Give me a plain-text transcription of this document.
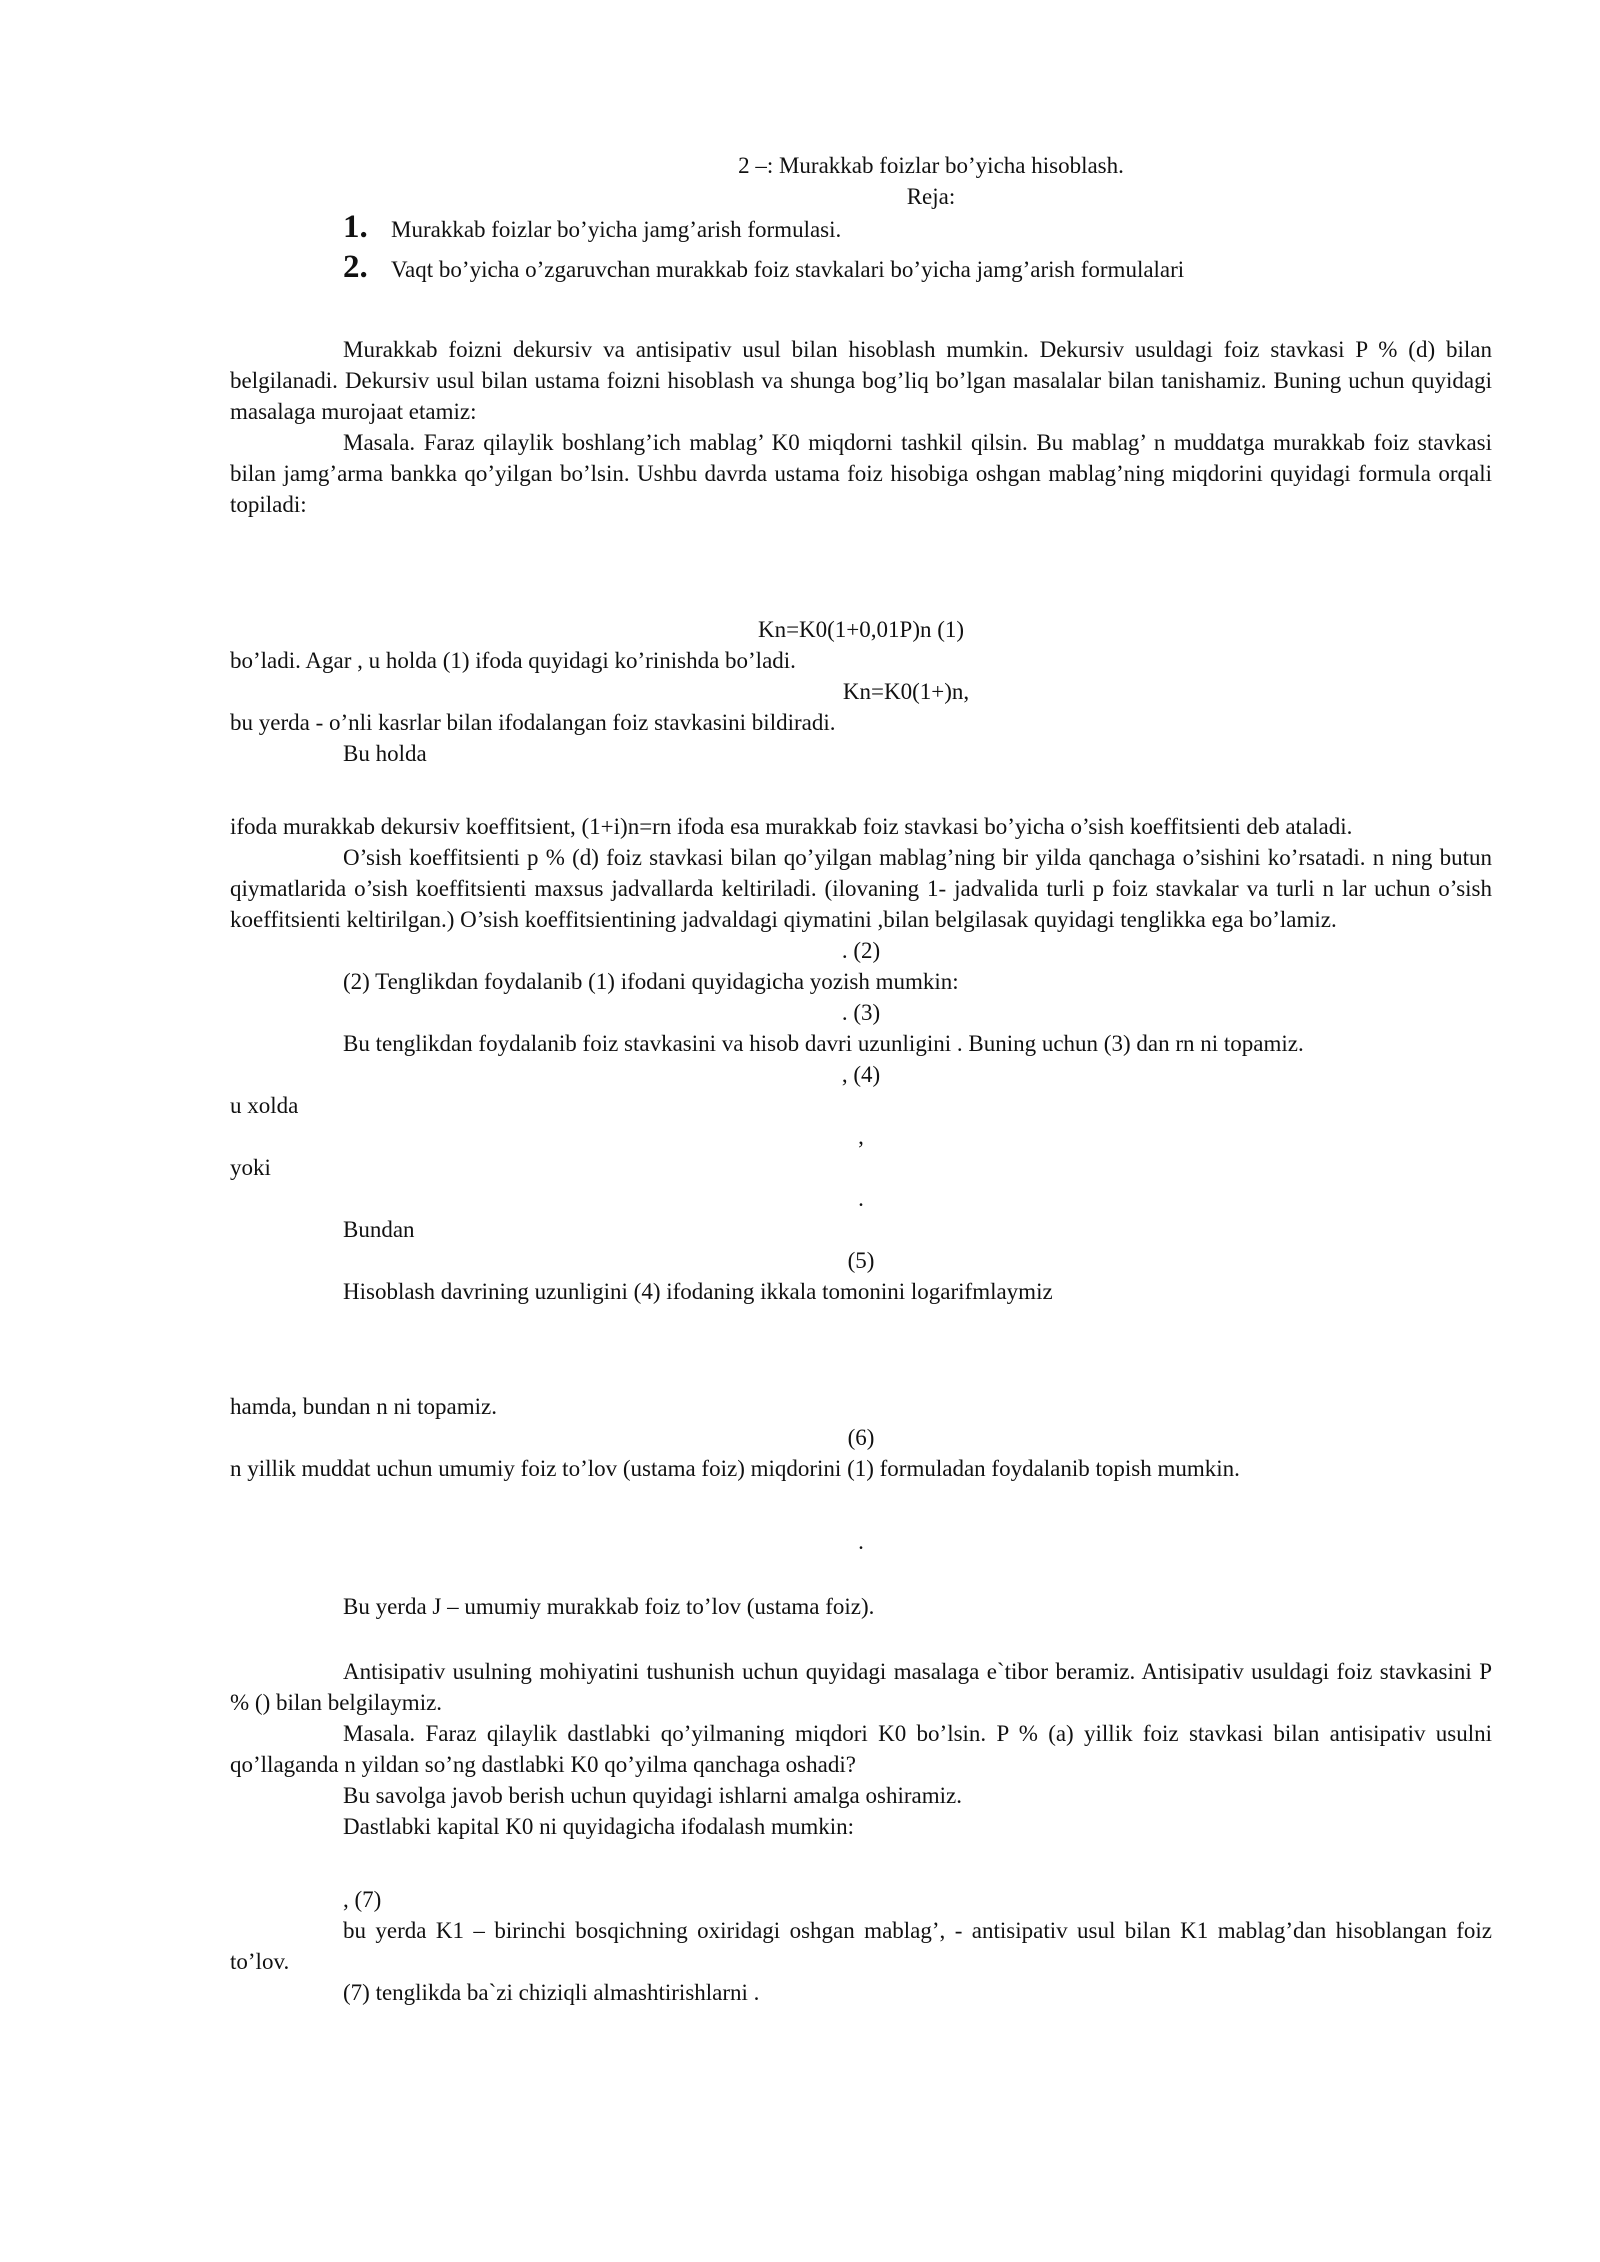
2 –: Murakkab foizlar bo’yicha hisoblash.

Reja:

1.	Murakkab foizlar bo’yicha jamg’arish formulasi.
2.	Vaqt bo’yicha o’zgaruvchan murakkab foiz stavkalari bo’yicha jamg’arish formulalari

Murakkab foizni dekursiv va antisipativ usul bilan hisoblash mumkin. Dekursiv usuldagi foiz stavkasi P % (d) bilan belgilanadi. Dekursiv usul bilan ustama foizni hisoblash va shunga bog’liq bo’lgan masalalar bilan tanishamiz. Buning uchun quyidagi masalaga murojaat etamiz:

Masala. Faraz qilaylik boshlang’ich mablag’ K0 miqdorni tashkil qilsin. Bu mablag’ n muddatga murakkab foiz stavkasi bilan jamg’arma bankka qo’yilgan bo’lsin. Ushbu davrda ustama foiz hisobiga oshgan mablag’ning miqdorini quyidagi formula orqali topiladi:

Kn=K0(1+0,01P)n (1)

bo’ladi. Agar , u holda (1) ifoda quyidagi ko’rinishda bo’ladi.

Kn=K0(1+)n,

bu yerda - o’nli kasrlar bilan ifodalangan foiz stavkasini bildiradi.

Bu holda

ifoda murakkab dekursiv koeffitsient, (1+i)n=rn ifoda esa murakkab foiz stavkasi bo’yicha o’sish koeffitsienti deb ataladi.

O’sish koeffitsienti p % (d) foiz stavkasi bilan qo’yilgan mablag’ning bir yilda qanchaga o’sishini ko’rsatadi. n ning butun qiymatlarida o’sish koeffitsienti maxsus jadvallarda keltiriladi. (ilovaning 1- jadvalida turli p foiz stavkalar va turli n lar uchun o’sish koeffitsienti keltirilgan.) O’sish koeffitsientining jadvaldagi qiymatini ,bilan belgilasak quyidagi tenglikka ega bo’lamiz.

. (2)

(2) Tenglikdan foydalanib (1) ifodani quyidagicha yozish mumkin:

. (3)

Bu tenglikdan foydalanib foiz stavkasini va hisob davri uzunligini . Buning uchun (3) dan rn ni topamiz.

, (4)

u xolda

,

yoki

.

Bundan

(5)

Hisoblash davrining uzunligini (4) ifodaning ikkala tomonini logarifmlaymiz

hamda, bundan n ni topamiz.

(6)

n yillik muddat uchun umumiy foiz to’lov (ustama foiz) miqdorini (1) formuladan foydalanib topish mumkin.

.

Bu yerda J – umumiy murakkab foiz to’lov (ustama foiz).

Antisipativ usulning mohiyatini tushunish uchun quyidagi masalaga e`tibor beramiz. Antisipativ usuldagi foiz stavkasini P % () bilan belgilaymiz.

Masala. Faraz qilaylik dastlabki qo’yilmaning miqdori K0 bo’lsin. P % (a) yillik foiz stavkasi bilan antisipativ usulni qo’llaganda n yildan so’ng dastlabki K0 qo’yilma qanchaga oshadi?

Bu savolga javob berish uchun quyidagi ishlarni amalga oshiramiz.

Dastlabki kapital K0 ni quyidagicha ifodalash mumkin:

, (7)

bu yerda K1 – birinchi bosqichning oxiridagi oshgan mablag’, - antisipativ usul bilan K1 mablag’dan hisoblangan foiz to’lov.

(7) tenglikda ba`zi chiziqli almashtirishlarni .
